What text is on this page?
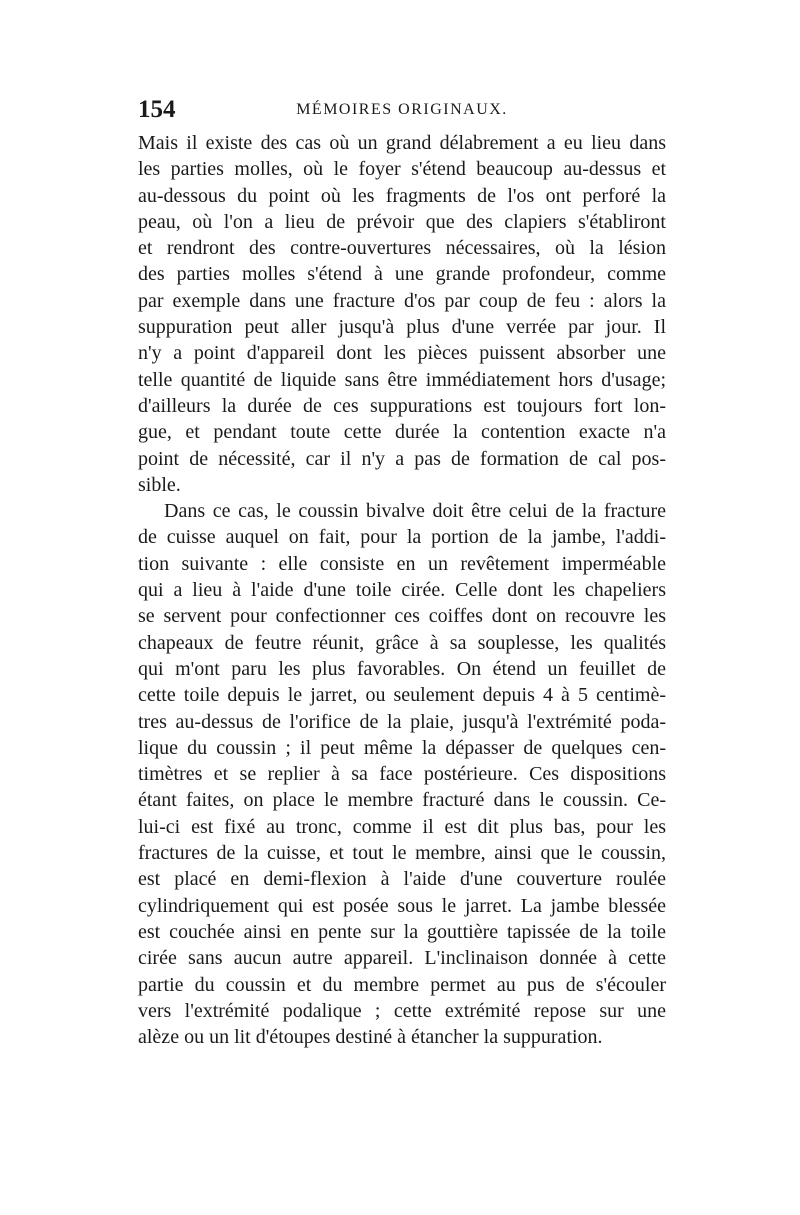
154	MÉMOIRES ORIGINAUX.
Mais il existe des cas où un grand délabrement a eu lieu dans
les parties molles, où le foyer s'étend beaucoup au-dessus et
au-dessous du point où les fragments de l'os ont perforé la
peau, où l'on a lieu de prévoir que des clapiers s'établiront
et rendront des contre-ouvertures nécessaires, où la lésion
des parties molles s'étend à une grande profondeur, comme
par exemple dans une fracture d'os par coup de feu : alors la
suppuration peut aller jusqu'à plus d'une verrée par jour. Il
n'y a point d'appareil dont les pièces puissent absorber une
telle quantité de liquide sans être immédiatement hors d'usage;
d'ailleurs la durée de ces suppurations est toujours fort lon-
gue, et pendant toute cette durée la contention exacte n'a
point de nécessité, car il n'y a pas de formation de cal pos-
sible.
Dans ce cas, le coussin bivalve doit être celui de la fracture
de cuisse auquel on fait, pour la portion de la jambe, l'addi-
tion suivante : elle consiste en un revêtement imperméable
qui a lieu à l'aide d'une toile cirée. Celle dont les chapeliers
se servent pour confectionner ces coiffes dont on recouvre les
chapeaux de feutre réunit, grâce à sa souplesse, les qualités
qui m'ont paru les plus favorables. On étend un feuillet de
cette toile depuis le jarret, ou seulement depuis 4 à 5 centimè-
tres au-dessus de l'orifice de la plaie, jusqu'à l'extrémité poda-
lique du coussin ; il peut même la dépasser de quelques cen-
timètres et se replier à sa face postérieure. Ces dispositions
étant faites, on place le membre fracturé dans le coussin. Ce-
lui-ci est fixé au tronc, comme il est dit plus bas, pour les
fractures de la cuisse, et tout le membre, ainsi que le coussin,
est placé en demi-flexion à l'aide d'une couverture roulée
cylindriquement qui est posée sous le jarret. La jambe blessée
est couchée ainsi en pente sur la gouttière tapissée de la toile
cirée sans aucun autre appareil. L'inclinaison donnée à cette
partie du coussin et du membre permet au pus de s'écouler
vers l'extrémité podalique ; cette extrémité repose sur une
alèze ou un lit d'étoupes destiné à étancher la suppuration.
